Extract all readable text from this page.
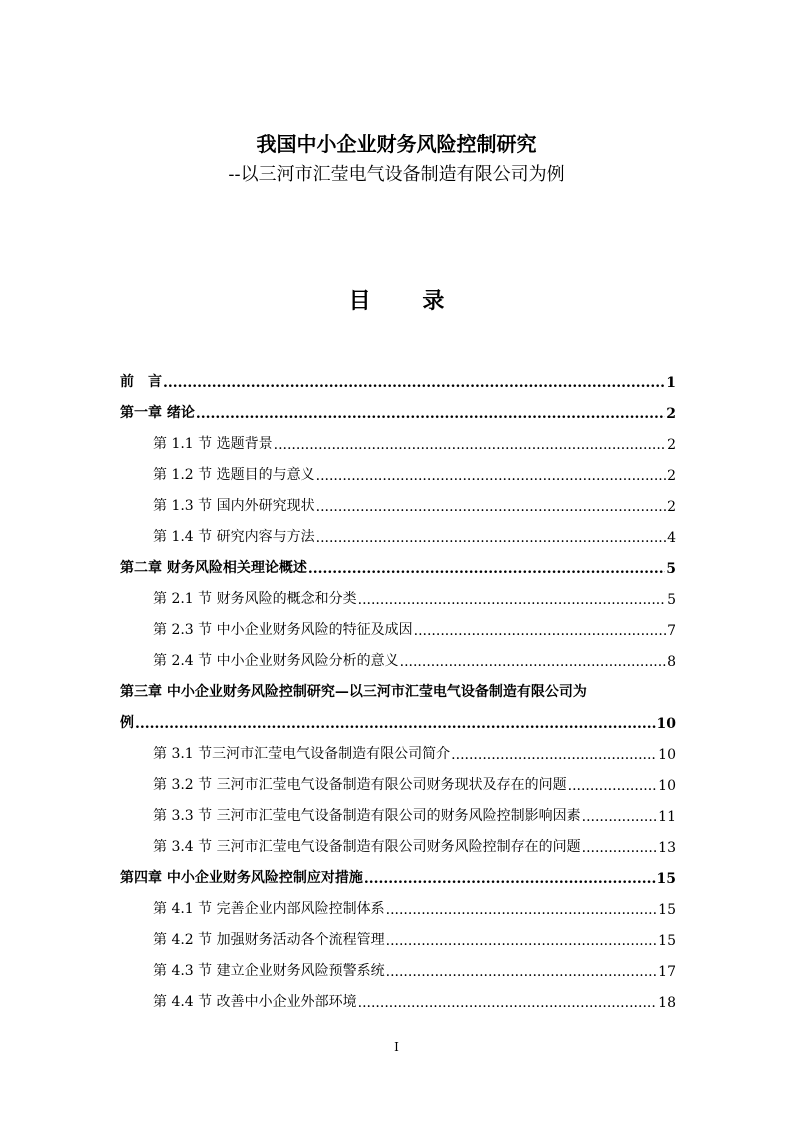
我国中小企业财务风险控制研究
--以三河市汇莹电气设备制造有限公司为例
目 录
前　言 .....	1
第一章 绪论 .....	2
第 1.1 节 选题背景 .....	2
第 1.2 节 选题目的与意义 .....	2
第 1.3 节 国内外研究现状 .....	2
第 1.4 节 研究内容与方法 .....	4
第二章 财务风险相关理论概述 .....	5
第 2.1 节 财务风险的概念和分类 .....	5
第 2.3 节 中小企业财务风险的特征及成因 .....	7
第 2.4 节 中小企业财务风险分析的意义 .....	8
第三章 中小企业财务风险控制研究—以三河市汇莹电气设备制造有限公司为
例 .....	10
第 3.1 节三河市汇莹电气设备制造有限公司简介 .....	10
第 3.2 节 三河市汇莹电气设备制造有限公司财务现状及存在的问题 .....	10
第 3.3 节 三河市汇莹电气设备制造有限公司的财务风险控制影响因素 .....	11
第 3.4 节 三河市汇莹电气设备制造有限公司财务风险控制存在的问题 .....	13
第四章 中小企业财务风险控制应对措施 .....	15
第 4.1 节 完善企业内部风险控制体系 .....	15
第 4.2 节 加强财务活动各个流程管理 .....	15
第 4.3 节 建立企业财务风险预警系统 .....	17
第 4.4 节 改善中小企业外部环境 .....	18
I
